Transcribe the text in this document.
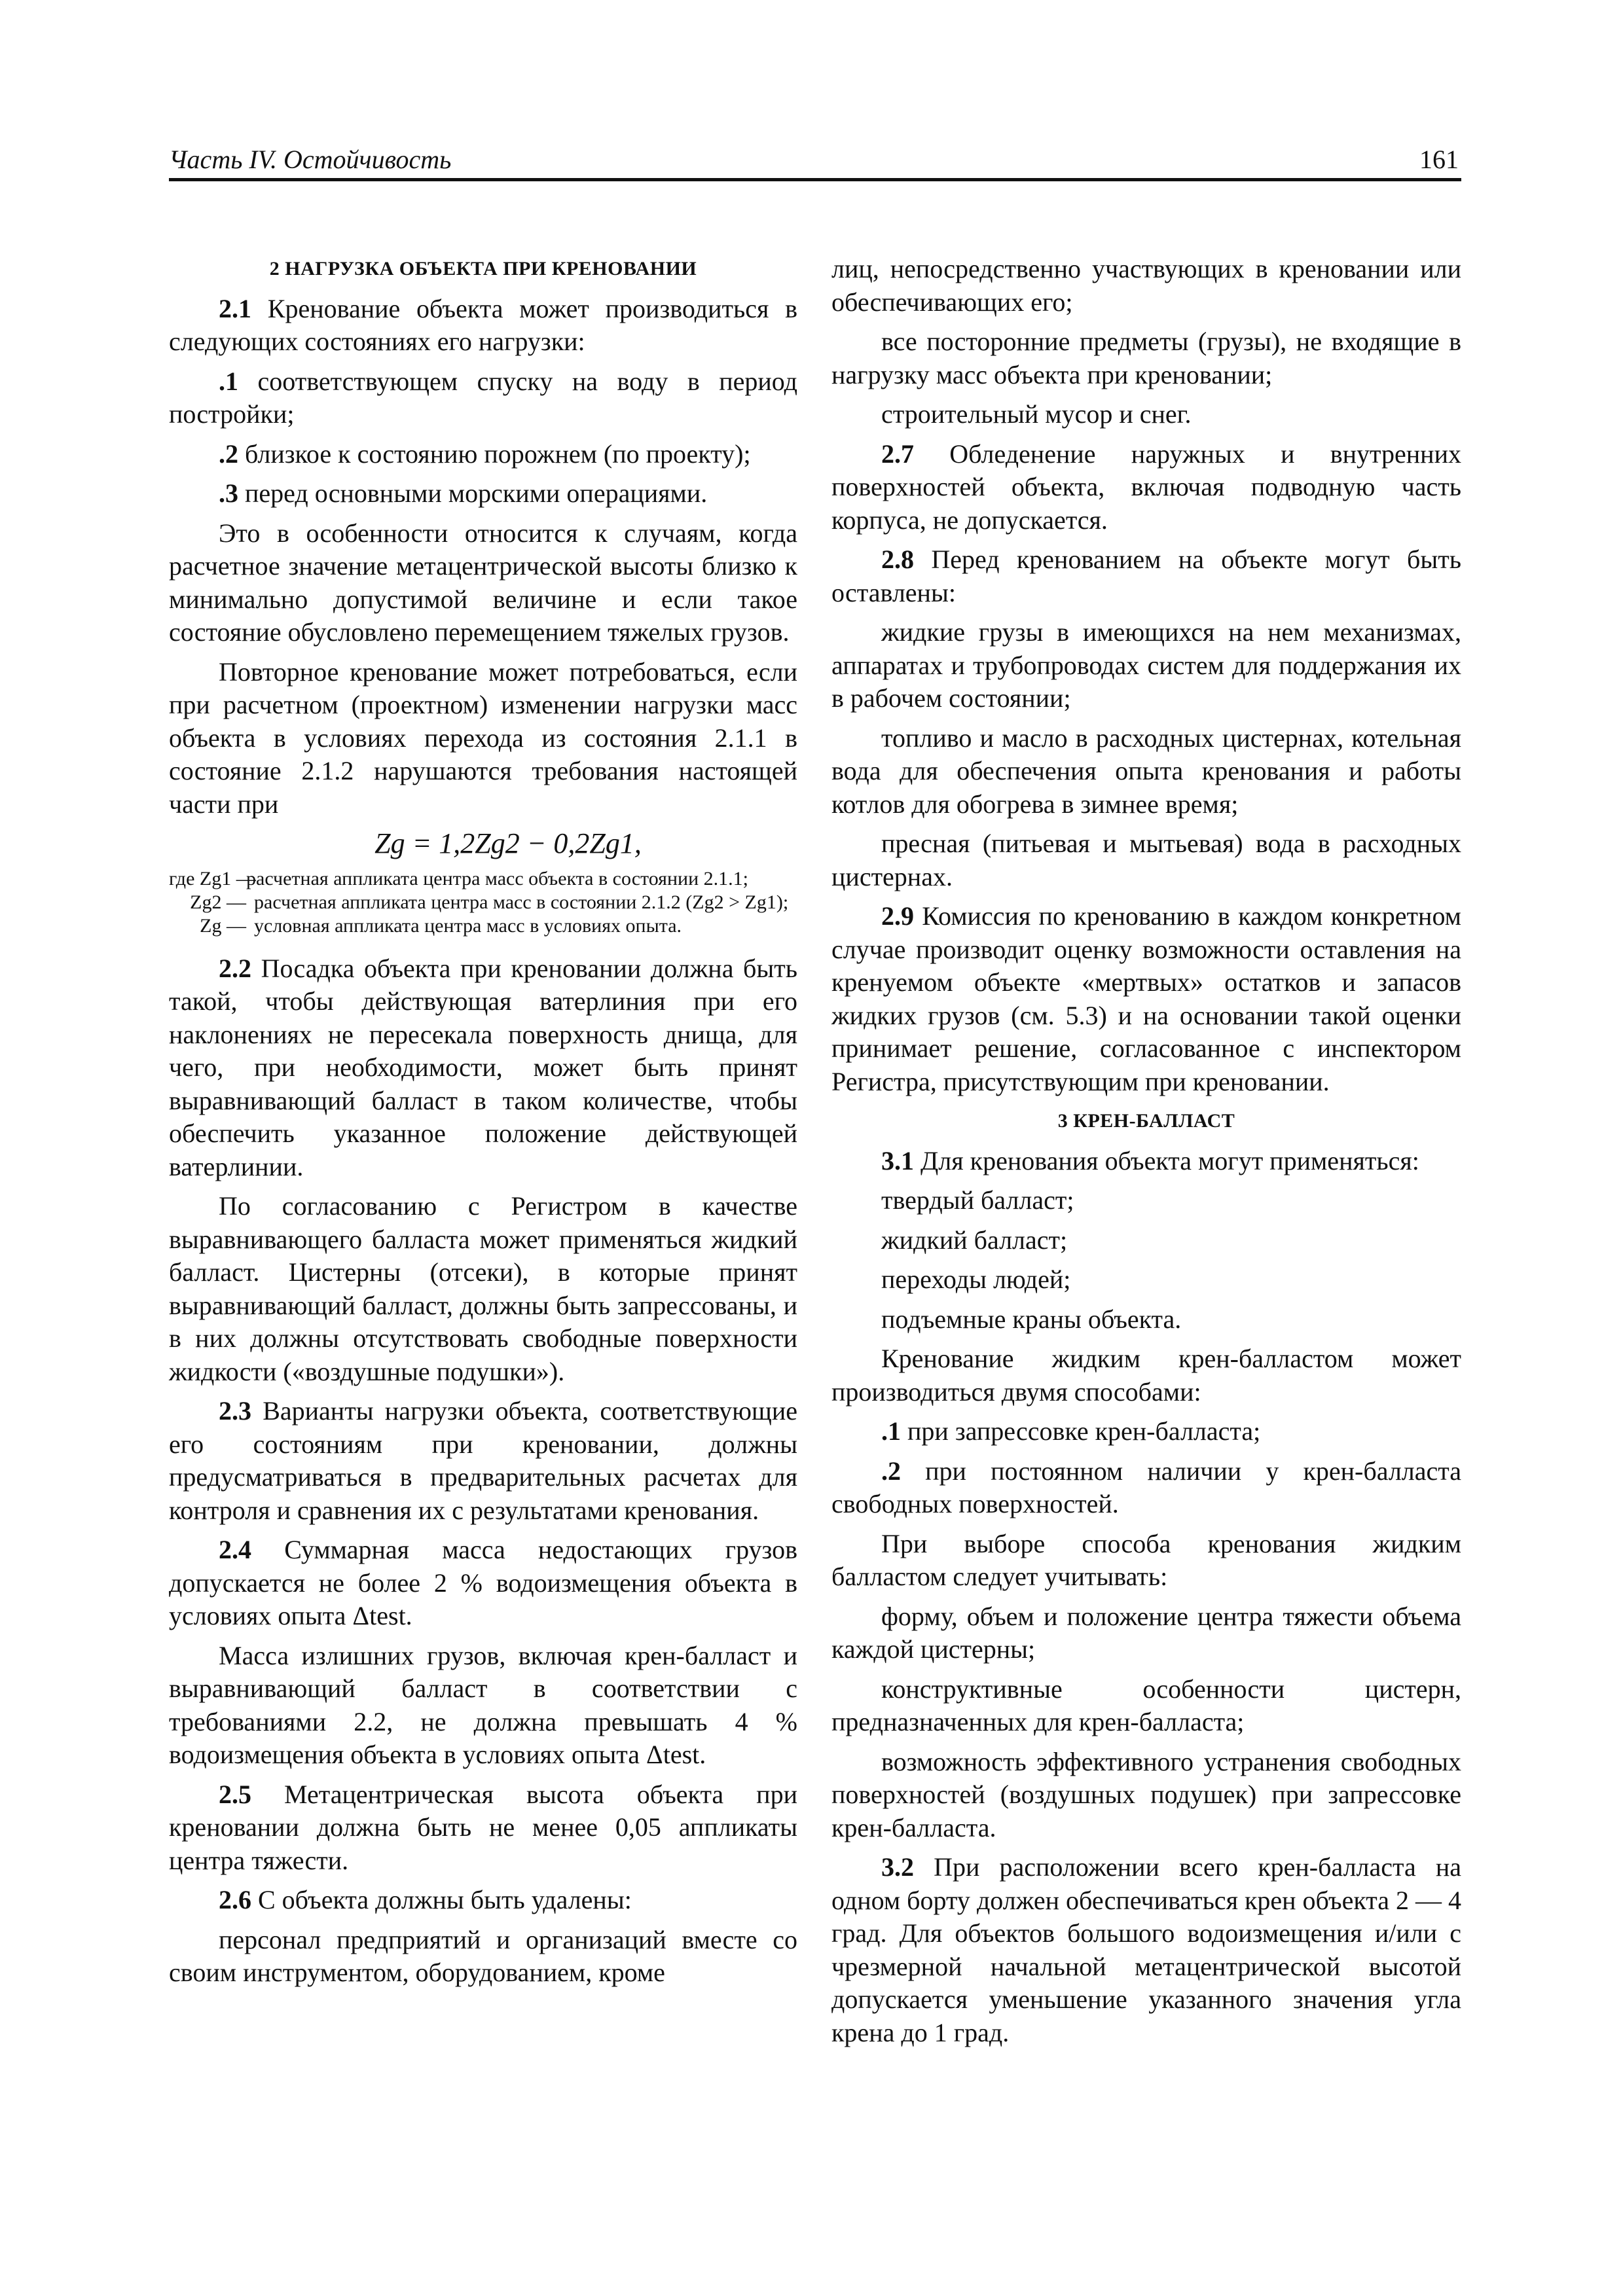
Часть IV. Остойчивость	161

2 НАГРУЗКА ОБЪЕКТА ПРИ КРЕНОВАНИИ

2.1 Кренование объекта может производиться в следующих состояниях его нагрузки:

.1 соответствующем спуску на воду в период постройки;

.2 близкое к состоянию порожнем (по проекту);

.3 перед основными морскими операциями.

Это в особенности относится к случаям, когда расчетное значение метацентрической высоты близко к минимально допустимой величине и если такое состояние обусловлено перемещением тяжелых грузов.

Повторное кренование может потребоваться, если при расчетном (проектном) изменении нагрузки масс объекта в условиях перехода из состояния 2.1.1 в состояние 2.1.2 нарушаются требования настоящей части при

Zg = 1,2Zg2 − 0,2Zg1,

где Zg1 —
расчетная аппликата центра масс объекта в состоянии 2.1.1;
Zg2 — расчетная аппликата центра масс в состоянии 2.1.2 (Zg2 > Zg1);
Zg — условная аппликата центра масс в условиях опыта.

2.2 Посадка объекта при креновании должна быть такой, чтобы действующая ватерлиния при его наклонениях не пересекала поверхность днища, для чего, при необходимости, может быть принят выравнивающий балласт в таком количестве, чтобы обеспечить указанное положение действующей ватерлинии.

По согласованию с Регистром в качестве выравнивающего балласта может применяться жидкий балласт. Цистерны (отсеки), в которые принят выравнивающий балласт, должны быть запрессованы, и в них должны отсутствовать свободные поверхности жидкости («воздушные подушки»).

2.3 Варианты нагрузки объекта, соответствующие его состояниям при креновании, должны предусматриваться в предварительных расчетах для контроля и сравнения их с результатами кренования.

2.4 Суммарная масса недостающих грузов допускается не более 2 % водоизмещения объекта в условиях опыта Δtest.

Масса излишних грузов, включая крен-балласт и выравнивающий балласт в соответствии с требованиями 2.2, не должна превышать 4 % водоизмещения объекта в условиях опыта Δtest.

2.5 Метацентрическая высота объекта при креновании должна быть не менее 0,05 аппликаты центра тяжести.

2.6 С объекта должны быть удалены:

персонал предприятий и организаций вместе со своим инструментом, оборудованием, кроме

лиц, непосредственно участвующих в креновании или обеспечивающих его;

все посторонние предметы (грузы), не входящие в нагрузку масс объекта при креновании;

строительный мусор и снег.

2.7 Обледенение наружных и внутренних поверхностей объекта, включая подводную часть корпуса, не допускается.

2.8 Перед кренованием на объекте могут быть оставлены:

жидкие грузы в имеющихся на нем механизмах, аппаратах и трубопроводах систем для поддержания их в рабочем состоянии;

топливо и масло в расходных цистернах, котельная вода для обеспечения опыта кренования и работы котлов для обогрева в зимнее время;

пресная (питьевая и мытьевая) вода в расходных цистернах.

2.9 Комиссия по кренованию в каждом конкретном случае производит оценку возможности оставления на кренуемом объекте «мертвых» остатков и запасов жидких грузов (см. 5.3) и на основании такой оценки принимает решение, согласованное с инспектором Регистра, присутствующим при креновании.

3 КРЕН-БАЛЛАСТ

3.1 Для кренования объекта могут применяться:

твердый балласт;

жидкий балласт;

переходы людей;

подъемные краны объекта.

Кренование жидким крен-балластом может производиться двумя способами:

.1 при запрессовке крен-балласта;

.2 при постоянном наличии у крен-балласта свободных поверхностей.

При выборе способа кренования жидким балластом следует учитывать:

форму, объем и положение центра тяжести объема каждой цистерны;

конструктивные особенности цистерн, предназначенных для крен-балласта;

возможность эффективного устранения свободных поверхностей (воздушных подушек) при запрессовке крен-балласта.

3.2 При расположении всего крен-балласта на одном борту должен обеспечиваться крен объекта 2 — 4 град. Для объектов большого водоизмещения и/или с чрезмерной начальной метацентрической высотой допускается уменьшение указанного значения угла крена до 1 град.
